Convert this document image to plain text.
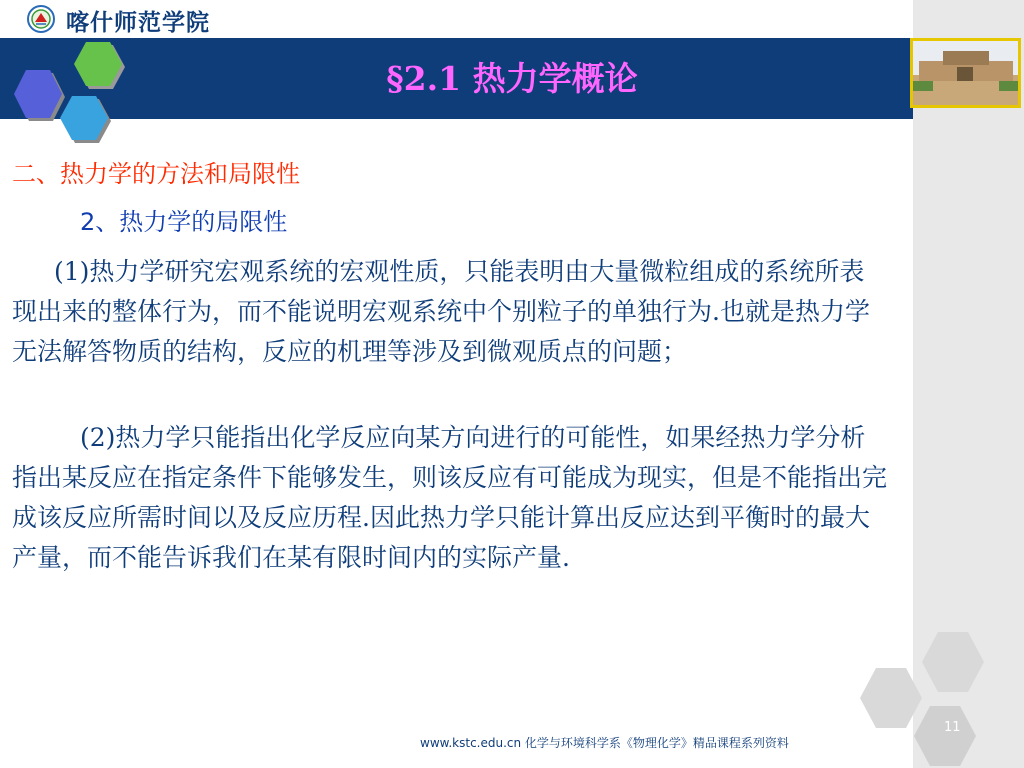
喀什师范学院
§2.1 热力学概论
二、热力学的方法和局限性
2、热力学的局限性
(1)热力学研究宏观系统的宏观性质，只能表明由大量微粒组成的系统所表现出来的整体行为，而不能说明宏观系统中个别粒子的单独行为.也就是热力学无法解答物质的结构，反应的机理等涉及到微观质点的问题；
(2)热力学只能指出化学反应向某方向进行的可能性，如果经热力学分析指出某反应在指定条件下能够发生，则该反应有可能成为现实，但是不能指出完成该反应所需时间以及反应历程.因此热力学只能计算出反应达到平衡时的最大产量，而不能告诉我们在某有限时间内的实际产量.
11
www.kstc.edu.cn 化学与环境科学系《物理化学》精品课程系列资料
